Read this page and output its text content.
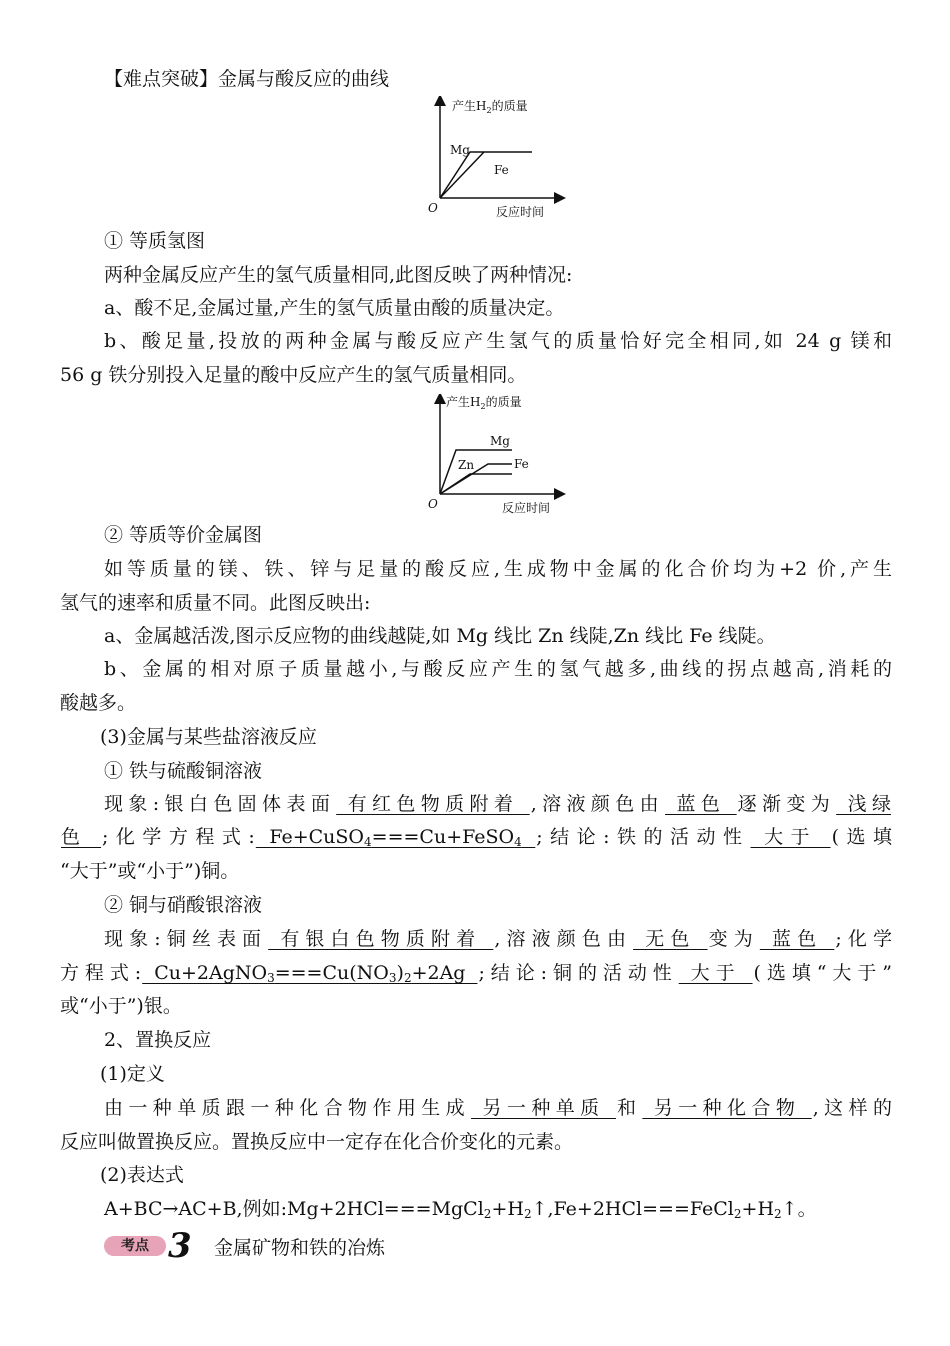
【难点突破】金属与酸反应的曲线
产生$H_2$的质量
O	反应时间
Mg
Fe
① 等质氢图
两种金属反应产生的氢气质量相同,此图反映了两种情况:
a、酸不足,金属过量,产生的氢气质量由酸的质量决定。
b、酸足量,投放的两种金属与酸反应产生氢气的质量恰好完全相同,如 24 g 镁和
56 g 铁分别投入足量的酸中反应产生的氢气质量相同。
产生$H_2$的质量
O	反应时间
Mg
Zn	Fe
② 等质等价金属图
如等质量的镁、铁、锌与足量的酸反应,生成物中金属的化合价均为+2 价,产生
氢气的速率和质量不同。此图反映出:
a、金属越活泼,图示反应物的曲线越陡,如 Mg 线比 Zn 线陡,Zn 线比 Fe 线陡。
b、金属的相对原子质量越小,与酸反应产生的氢气越多,曲线的拐点越高,消耗的
酸越多。
(3)金属与某些盐溶液反应
① 铁与硫酸铜溶液
现象:银白色固体表面 有红色物质附着 ,溶液颜色由 蓝色 逐渐变为 浅绿
色 ;化学方程式: Fe+CuSO$_4$===Cu+FeSO$_4$ ;结论:铁的活动性 大于 (选填
“大于”或“小于”)铜。
② 铜与硝酸银溶液
现象:铜丝表面 有银白色物质附着 ,溶液颜色由 无色 变为 蓝色 ;化学
方程式: $Cu+2AgNO_3===Cu(NO_3)_2+2Ag$ ;结论:铜的活动性 大于 (选填“大于”
或“小于”)银。
2、置换反应
(1)定义
由一种单质跟一种化合物作用生成 另一种单质 和 另一种化合物 ,这样的
反应叫做置换反应。置换反应中一定存在化合价变化的元素。
(2)表达式
A+BC→AC+B,例如$:Mg+2HCl===MgCl_2+H_2↑,Fe+2HCl===FeCl_2+H_2↑$。
考点 3 金属矿物和铁的冶炼
